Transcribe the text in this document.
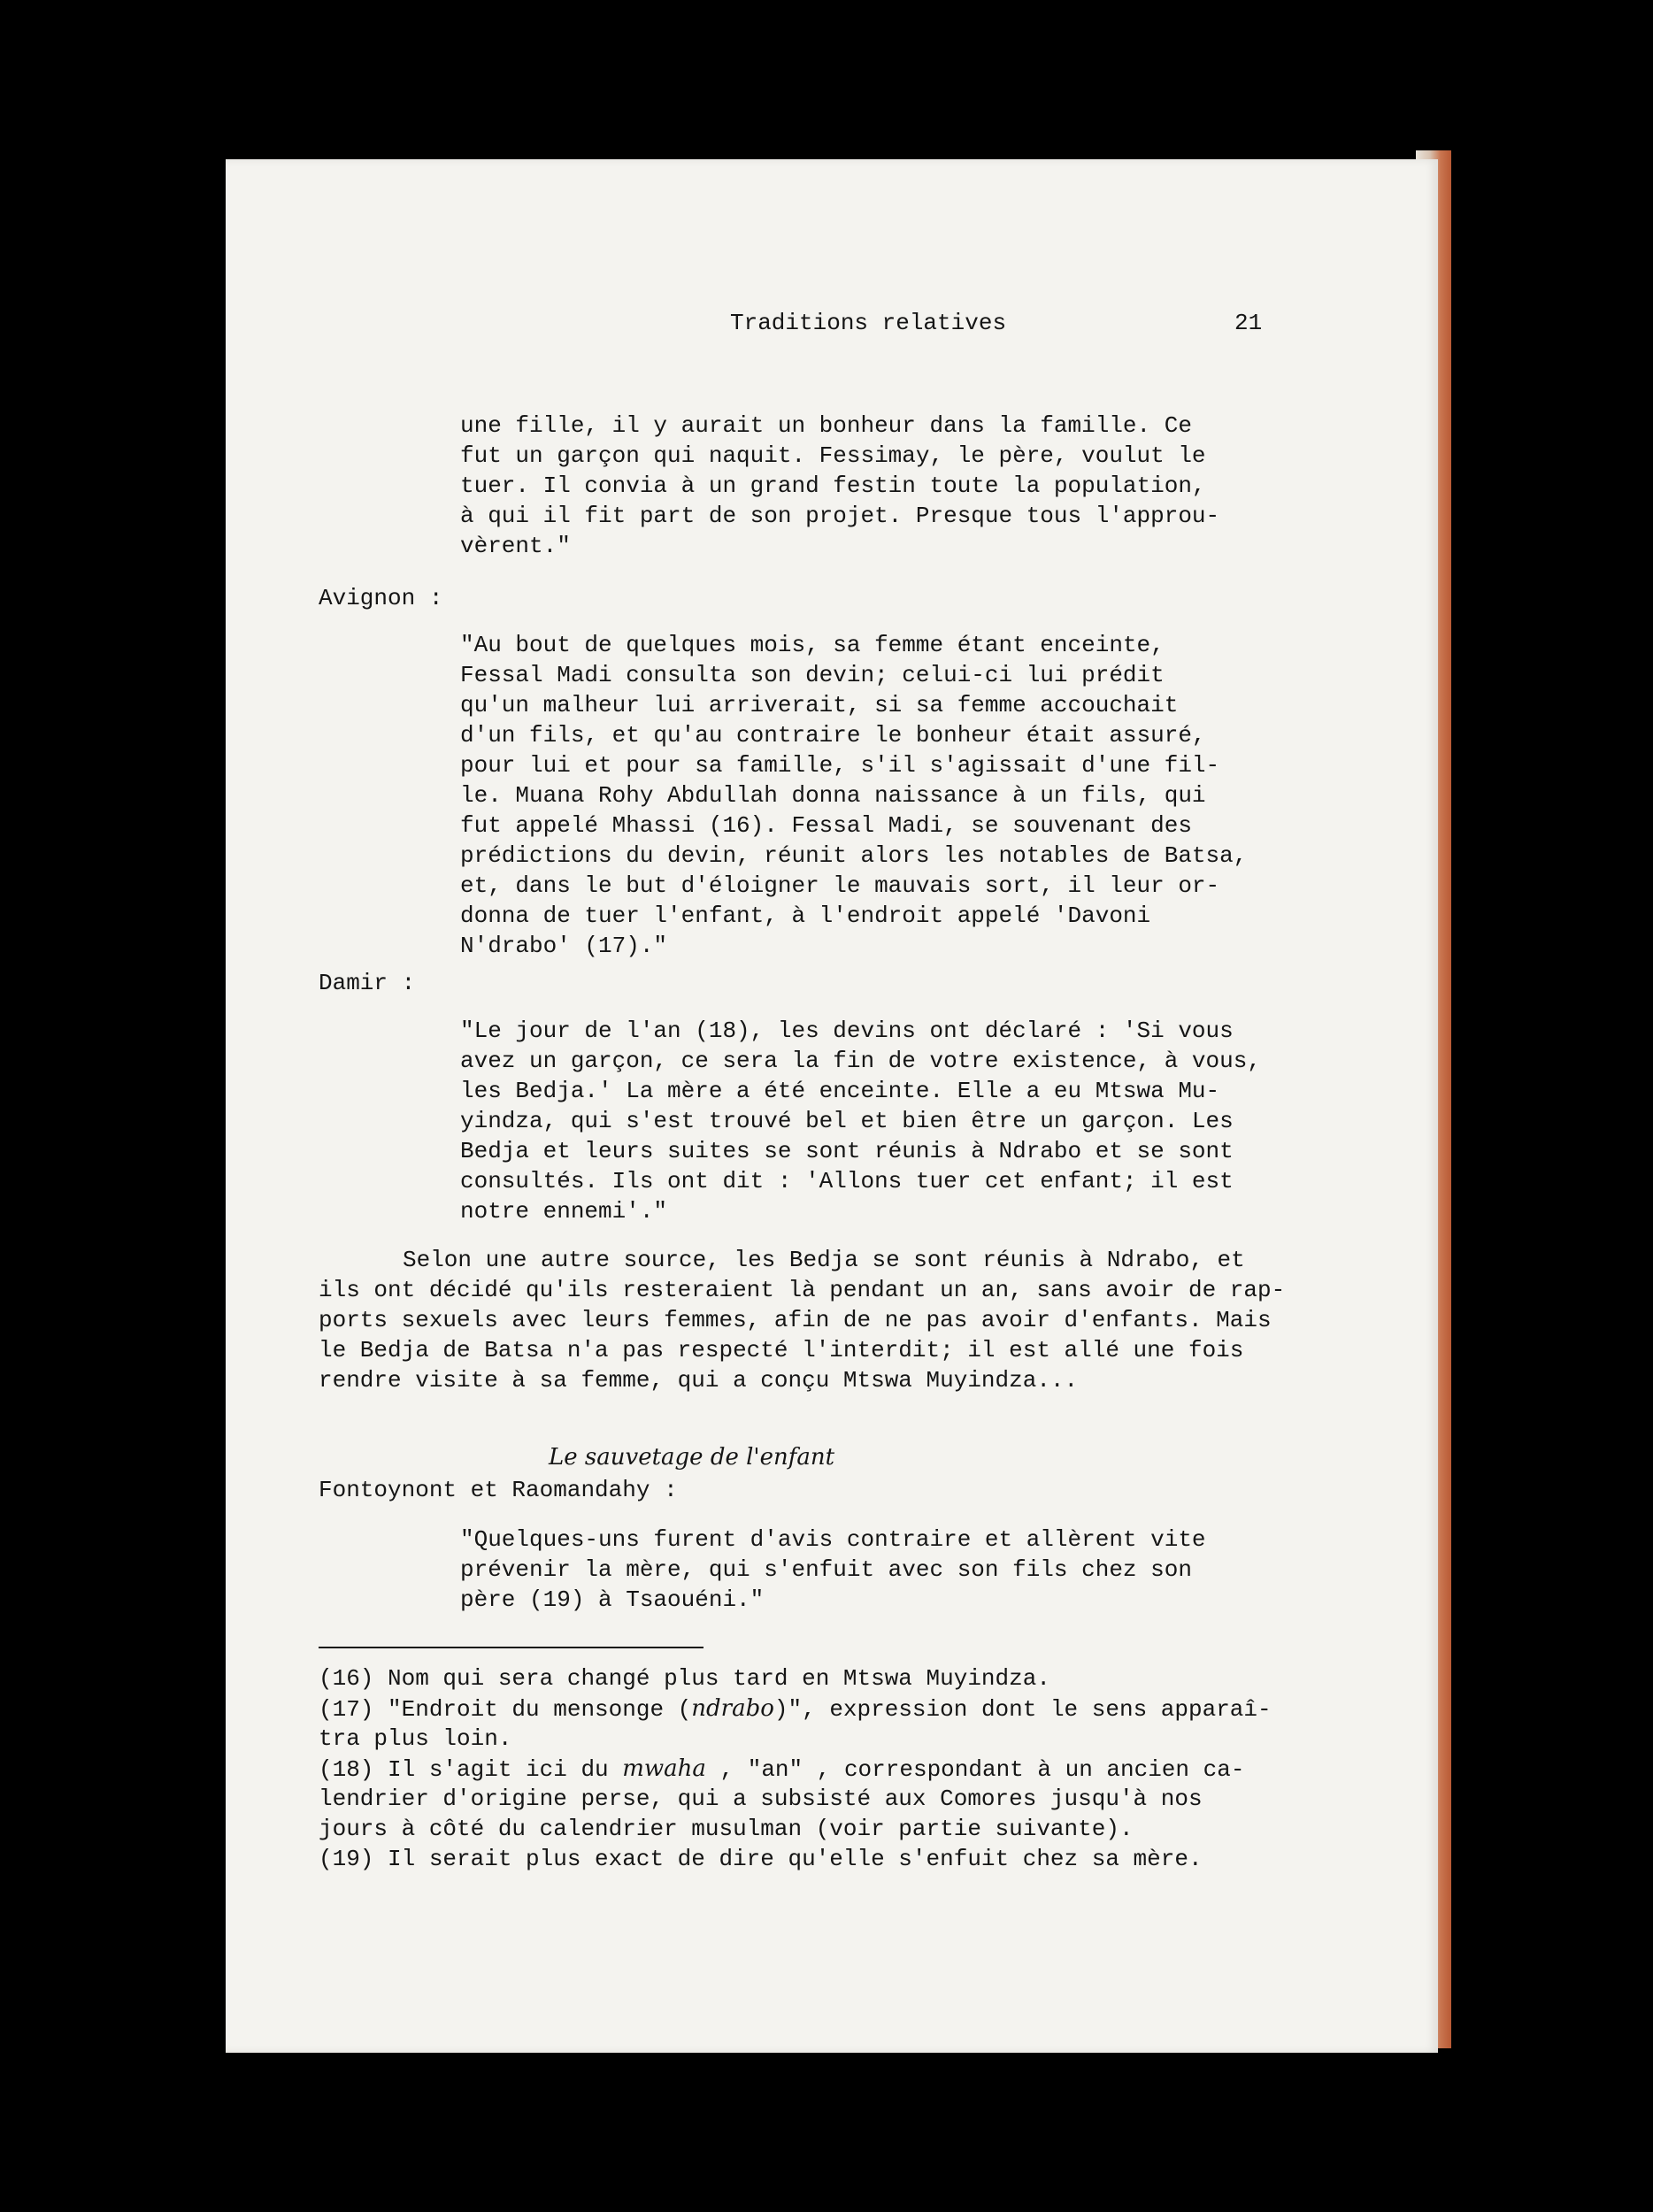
Traditions relatives	21
une fille, il y aurait un bonheur dans la famille. Ce
fut un garçon qui naquit. Fessimay, le père, voulut le
tuer. Il convia à un grand festin toute la population,
à qui il fit part de son projet. Presque tous l'approu-
vèrent."
Avignon :
"Au bout de quelques mois, sa femme étant enceinte,
Fessal Madi consulta son devin; celui-ci lui prédit
qu'un malheur lui arriverait, si sa femme accouchait
d'un fils, et qu'au contraire le bonheur était assuré,
pour lui et pour sa famille, s'il s'agissait d'une fil-
le. Muana Rohy Abdullah donna naissance à un fils, qui
fut appelé Mhassi (16). Fessal Madi, se souvenant des
prédictions du devin, réunit alors les notables de Batsa,
et, dans le but d'éloigner le mauvais sort, il leur or-
donna de tuer l'enfant, à l'endroit appelé 'Davoni
N'drabo' (17)."
Damir :
"Le jour de l'an (18), les devins ont déclaré : 'Si vous
avez un garçon, ce sera la fin de votre existence, à vous,
les Bedja.' La mère a été enceinte. Elle a eu Mtswa Mu-
yindza, qui s'est trouvé bel et bien être un garçon. Les
Bedja et leurs suites se sont réunis à Ndrabo et se sont
consultés. Ils ont dit : 'Allons tuer cet enfant; il est
notre ennemi'."
Selon une autre source, les Bedja se sont réunis à Ndrabo, et
ils ont décidé qu'ils resteraient là pendant un an, sans avoir de rap-
ports sexuels avec leurs femmes, afin de ne pas avoir d'enfants. Mais
le Bedja de Batsa n'a pas respecté l'interdit; il est allé une fois
rendre visite à sa femme, qui a conçu Mtswa Muyindza...
Le sauvetage de l'enfant
Fontoynont et Raomandahy :
"Quelques-uns furent d'avis contraire et allèrent vite
prévenir la mère, qui s'enfuit avec son fils chez son
père (19) à Tsaouéni."
(16) Nom qui sera changé plus tard en Mtswa Muyindza.
(17) "Endroit du mensonge (ndrabo)", expression dont le sens apparaî-
tra plus loin.
(18) Il s'agit ici du mwaha , "an" , correspondant à un ancien ca-
lendrier d'origine perse, qui a subsisté aux Comores jusqu'à nos
jours à côté du calendrier musulman (voir partie suivante).
(19) Il serait plus exact de dire qu'elle s'enfuit chez sa mère.
